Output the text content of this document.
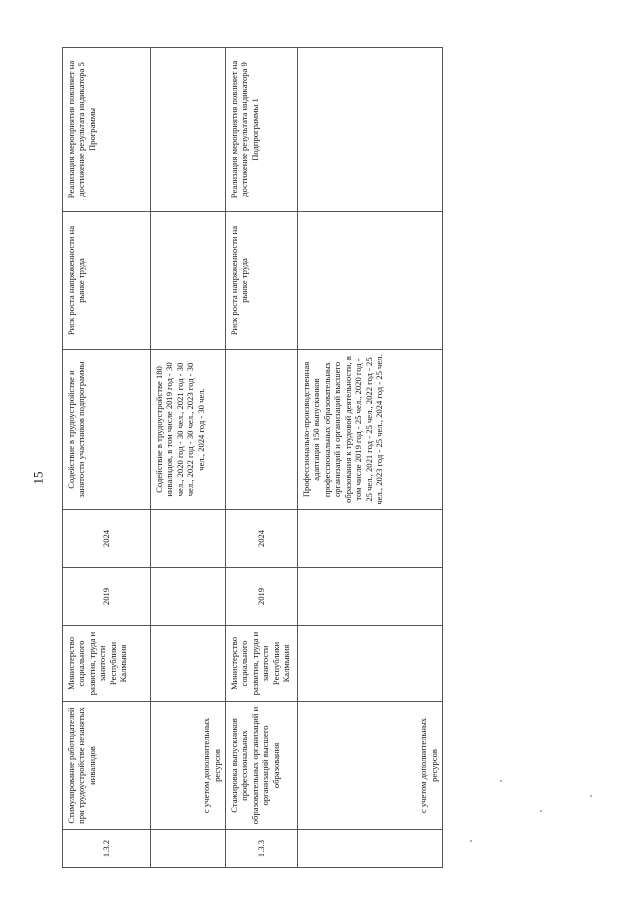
15
1.3.2	Стимулирование работодателей при трудоустройстве незанятых инвалидов	Министерство социального развития, труда и занятости Республики Калмыкия	2019	2024	Содействие в трудоустройстве и занятости участников подпрограммы	Риск роста напряженности на рынке труда	Реализация мероприятия повлияет на достижение результата индикатора 5 Программы
	с учетом дополнительных ресурсов				Содействие в трудоустройстве 180 инвалидов, в том числе 2019 год - 30 чел., 2020 год - 30 чел., 2021 год - 30 чел., 2022 год - 30 чел., 2023 год - 30 чел., 2024 год - 30 чел.		
1.3.3	Стажировка выпускников профессиональных образовательных организаций и организаций высшего образования	Министерство социального развития, труда и занятости Республики Калмыкия	2019	2024		Риск роста напряженности на рынке труда	Реализация мероприятия повлияет на достижение результата индикатора 9 Подпрограммы 1
	с учетом дополнительных ресурсов				Профессионально-производственная адаптация 150 выпускников профессиональных образовательных организаций и организаций высшего образования к трудовой деятельности, в том числе 2019 год - 25 чел., 2020 год - 25 чел., 2021 год - 25 чел., 2022 год - 25 чел., 2023 год - 25 чел., 2024 год - 25 чел.		
